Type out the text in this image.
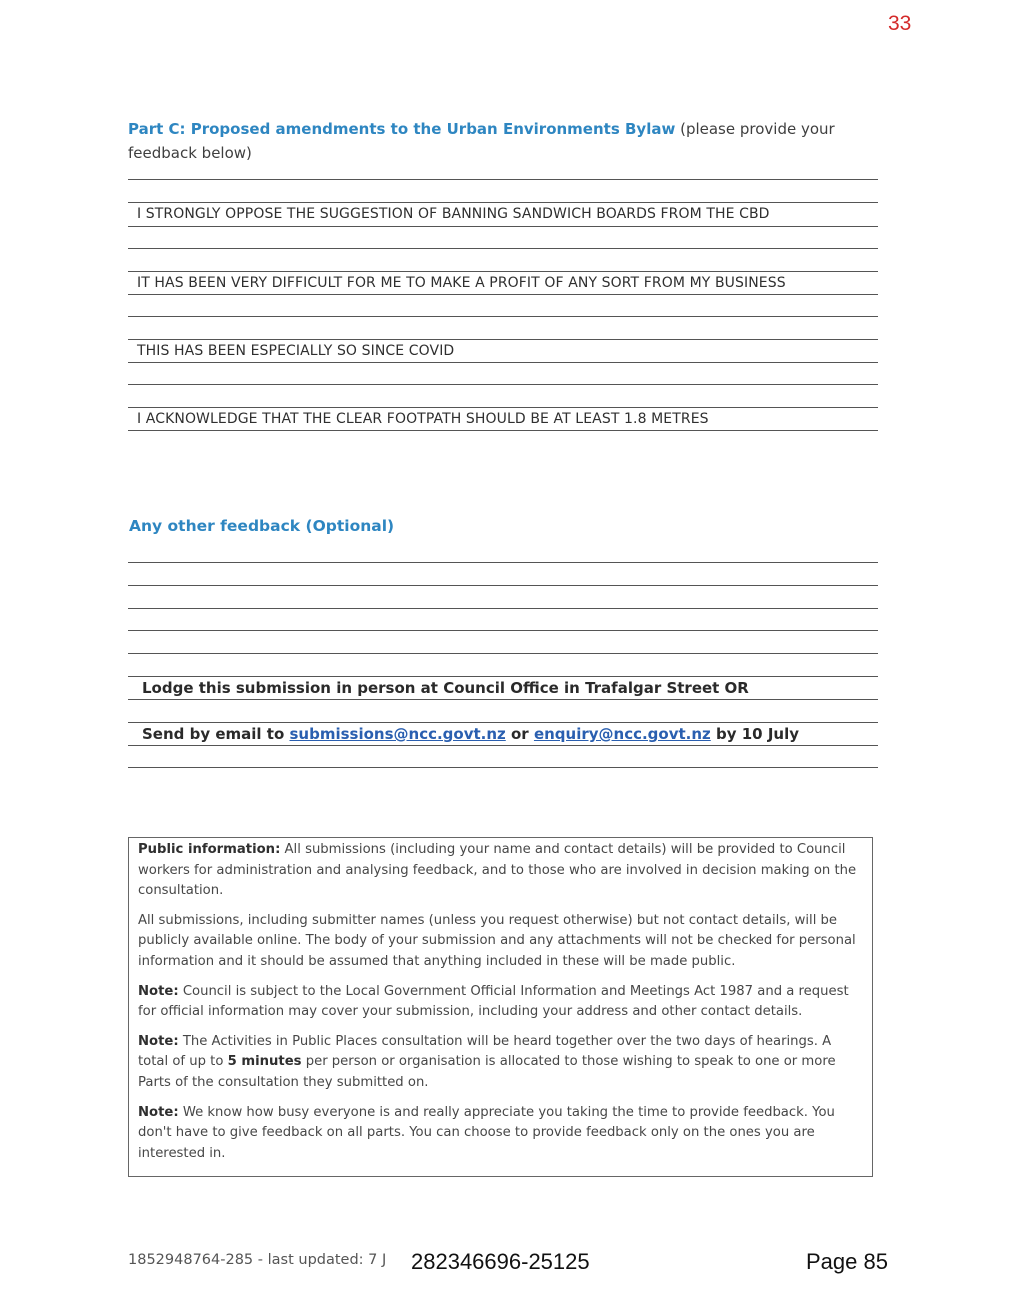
33
Part C: Proposed amendments to the Urban Environments Bylaw (please provide your feedback below)
I STRONGLY OPPOSE THE SUGGESTION OF BANNING SANDWICH BOARDS FROM THE CBD
IT HAS BEEN VERY DIFFICULT FOR ME TO MAKE A PROFIT OF ANY SORT FROM MY BUSINESS
THIS HAS BEEN ESPECIALLY SO SINCE COVID
I ACKNOWLEDGE THAT THE CLEAR FOOTPATH SHOULD BE AT LEAST 1.8 METRES
Any other feedback (Optional)
Lodge this submission in person at Council Office in Trafalgar Street OR
Send by email to submissions@ncc.govt.nz or enquiry@ncc.govt.nz by 10 July

Public information: All submissions (including your name and contact details) will be provided to Council workers for administration and analysing feedback, and to those who are involved in decision making on the consultation.

All submissions, including submitter names (unless you request otherwise) but not contact details, will be publicly available online. The body of your submission and any attachments will not be checked for personal information and it should be assumed that anything included in these will be made public.

Note: Council is subject to the Local Government Official Information and Meetings Act 1987 and a request for official information may cover your submission, including your address and other contact details.

Note: The Activities in Public Places consultation will be heard together over the two days of hearings. A total of up to 5 minutes per person or organisation is allocated to those wishing to speak to one or more Parts of the consultation they submitted on.

Note: We know how busy everyone is and really appreciate you taking the time to provide feedback. You don't have to give feedback on all parts. You can choose to provide feedback only on the ones you are interested in.

1852948764-285 - last updated: 7 J 282346696-25125	Page 85
